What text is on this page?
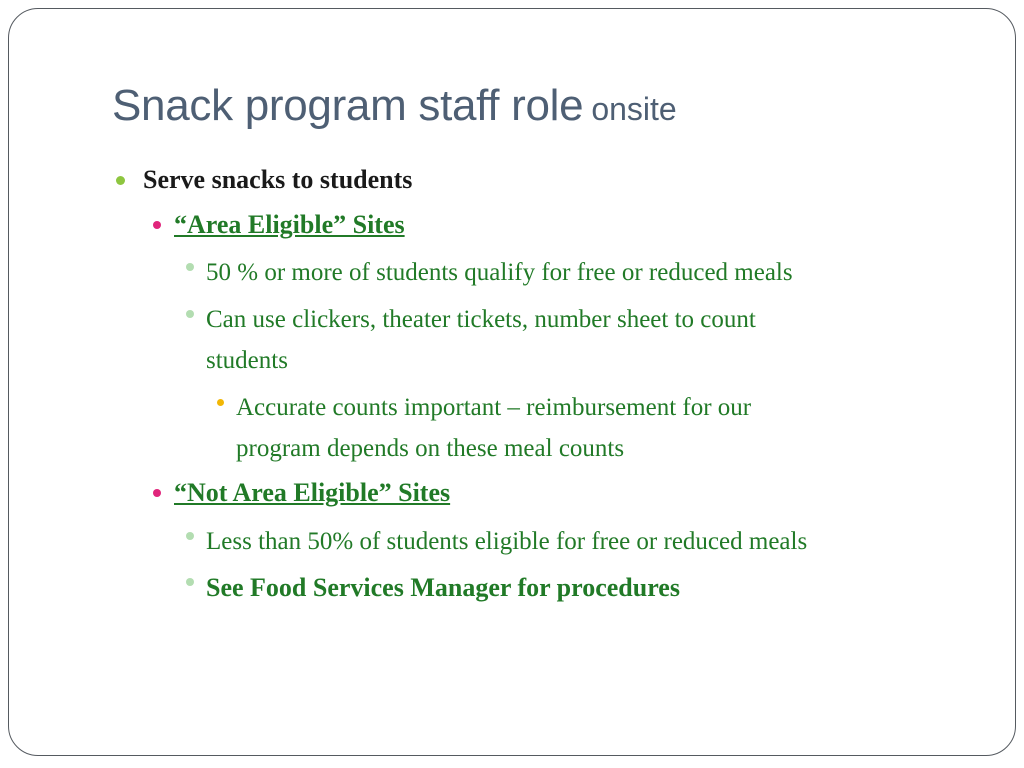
Snack program staff role onsite
Serve snacks to students
“Area Eligible” Sites
50 % or more of students qualify for free or reduced meals
Can use clickers, theater tickets, number sheet to count
students
Accurate counts important – reimbursement for our
program depends on these meal counts
“Not Area Eligible” Sites
Less than 50% of students eligible for free or reduced meals
See Food Services Manager for procedures
